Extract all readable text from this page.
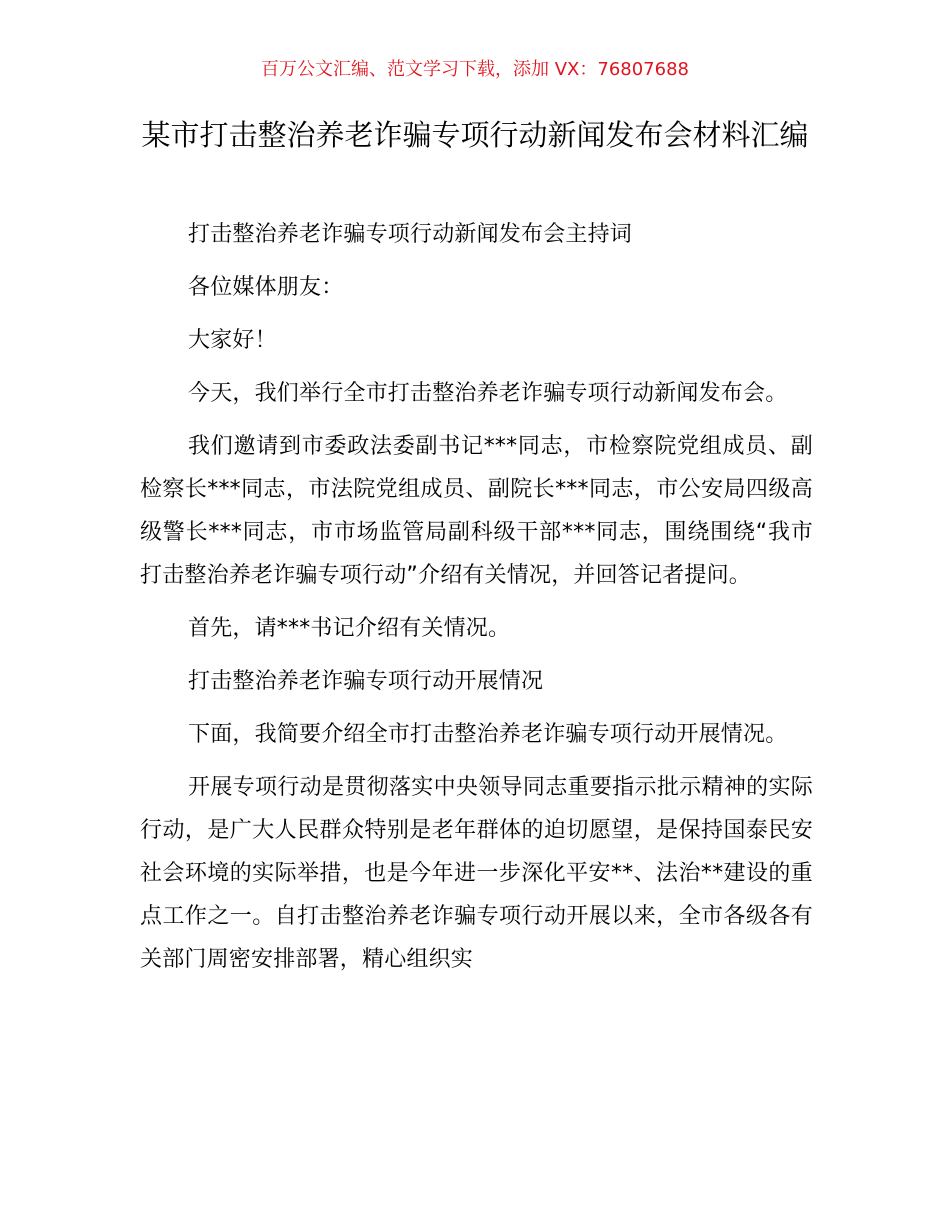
百万公文汇编、范文学习下载，添加 VX：76807688
某市打击整治养老诈骗专项行动新闻发布会材料汇编

打击整治养老诈骗专项行动新闻发布会主持词

各位媒体朋友：

大家好！

今天，我们举行全市打击整治养老诈骗专项行动新闻发布会。

我们邀请到市委政法委副书记***同志，市检察院党组成员、副检察长***同志，市法院党组成员、副院长***同志，市公安局四级高级警长***同志，市市场监管局副科级干部***同志，围绕围绕“我市打击整治养老诈骗专项行动”介绍有关情况，并回答记者提问。

首先，请***书记介绍有关情况。

打击整治养老诈骗专项行动开展情况

下面，我简要介绍全市打击整治养老诈骗专项行动开展情况。

开展专项行动是贯彻落实中央领导同志重要指示批示精神的实际行动，是广大人民群众特别是老年群体的迫切愿望，是保持国泰民安社会环境的实际举措，也是今年进一步深化平安**、法治**建设的重点工作之一。自打击整治养老诈骗专项行动开展以来，全市各级各有关部门周密安排部署，精心组织实
